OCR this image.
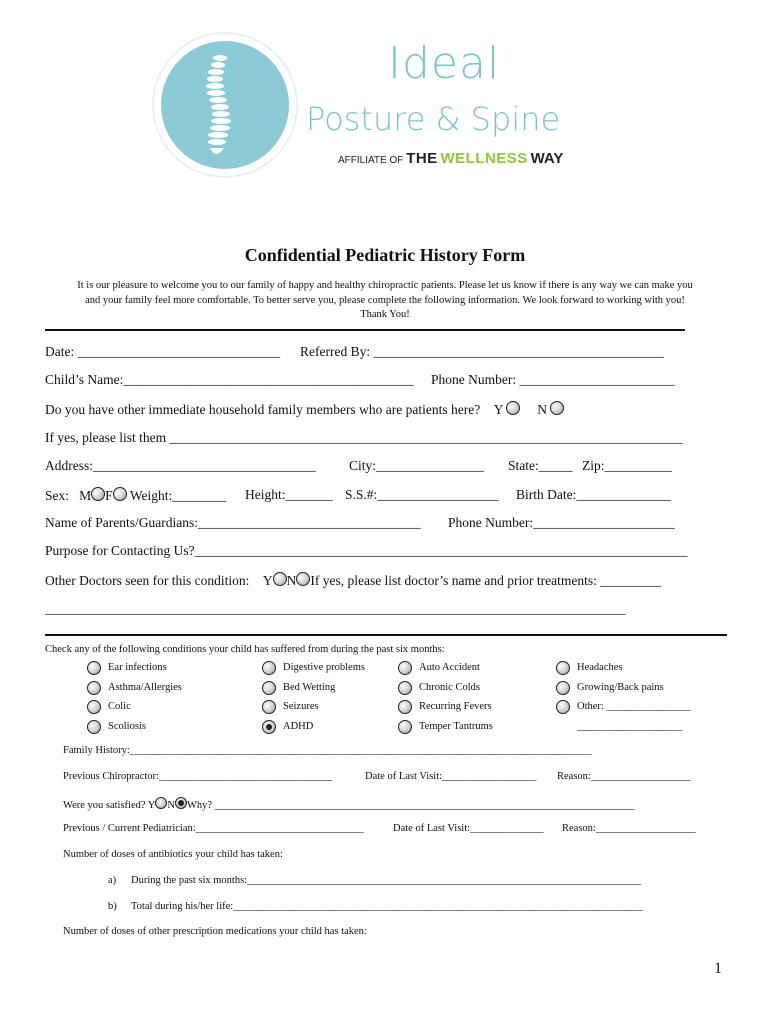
Ideal
Posture & Spine
AFFILIATE OF THE WELLNESS WAY
Confidential Pediatric History Form
It is our pleasure to welcome you to our family of happy and healthy chiropractic patients. Please let us know if there is any way we can make you
and your family feel more comfortable. To better serve you, please complete the following information. We look forward to working with you!
Thank You!
Date: ______________________________ Referred By: ___________________________________________
Child’s Name:___________________________________________ Phone Number: _______________________
Do you have other immediate household family members who are patients here? Y	N
If yes, please list them ____________________________________________________________________________
Address:_________________________________ City:________________ State:_____ Zip:__________
Sex: M F Weight:________ Height:_______ S.S.#:__________________ Birth Date:______________
Name of Parents/Guardians:_________________________________ Phone Number:_____________________
Purpose for Contacting Us?_________________________________________________________________________
Other Doctors seen for this condition: Y N If yes, please list doctor’s name and prior treatments: _________
______________________________________________________________________________________
Check any of the following conditions your child has suffered from during the past six months:
Ear infections
Asthma/Allergies
Colic
Scoliosis
Digestive problems
Bed Wetting
Seizures
ADHD
Auto Accident
Chronic Colds
Recurring Fevers
Temper Tantrums
Headaches
Growing/Back pains
Other: ________________
____________________
Family History:________________________________________________________________________________________
Previous Chiropractor:_________________________________	Date of Last Visit:__________________ Reason:___________________
Were you satisfied? Y N Why? ________________________________________________________________________________
Previous / Current Pediatrician:________________________________	Date of Last Visit:______________ Reason:___________________
Number of doses of antibiotics your child has taken:
a) During the past six months:___________________________________________________________________________
b) Total during his/her life:______________________________________________________________________________
Number of doses of other prescription medications your child has taken:
1
